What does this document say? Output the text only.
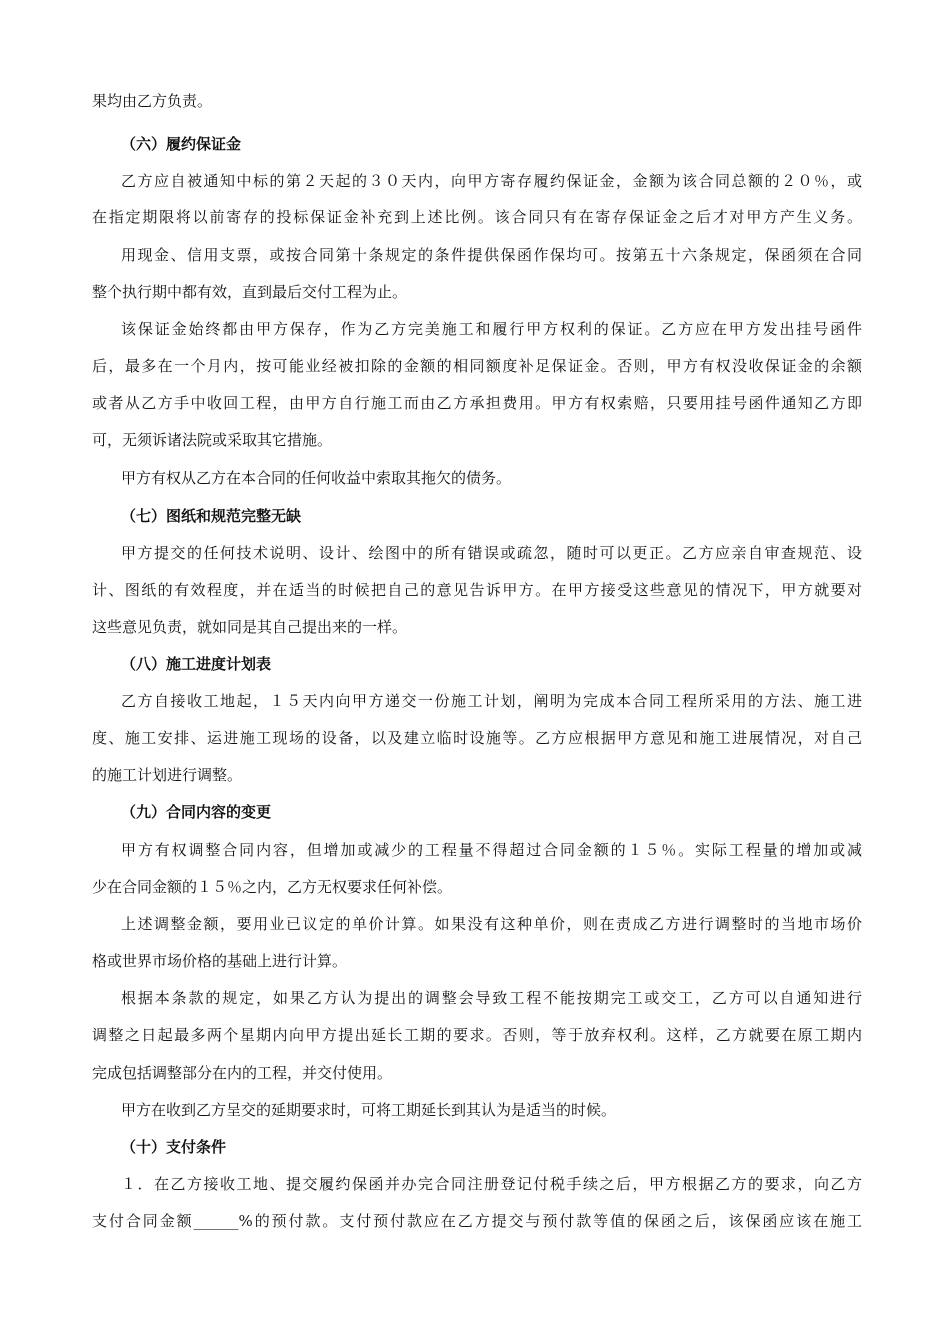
果均由乙方负责。
（六）履约保证金
乙方应自被通知中标的第２天起的３０天内，向甲方寄存履约保证金，金额为该合同总额的２０％，或
在指定期限将以前寄存的投标保证金补充到上述比例。该合同只有在寄存保证金之后才对甲方产生义务。
用现金、信用支票，或按合同第十条规定的条件提供保函作保均可。按第五十六条规定，保函须在合同
整个执行期中都有效，直到最后交付工程为止。
该保证金始终都由甲方保存，作为乙方完美施工和履行甲方权利的保证。乙方应在甲方发出挂号函件
后，最多在一个月内，按可能业经被扣除的金额的相同额度补足保证金。否则，甲方有权没收保证金的余额
或者从乙方手中收回工程，由甲方自行施工而由乙方承担费用。甲方有权索赔，只要用挂号函件通知乙方即
可，无须诉诸法院或采取其它措施。
甲方有权从乙方在本合同的任何收益中索取其拖欠的债务。
（七）图纸和规范完整无缺
甲方提交的任何技术说明、设计、绘图中的所有错误或疏忽，随时可以更正。乙方应亲自审查规范、设
计、图纸的有效程度，并在适当的时候把自己的意见告诉甲方。在甲方接受这些意见的情况下，甲方就要对
这些意见负责，就如同是其自己提出来的一样。
（八）施工进度计划表
乙方自接收工地起，１５天内向甲方递交一份施工计划，阐明为完成本合同工程所采用的方法、施工进
度、施工安排、运进施工现场的设备，以及建立临时设施等。乙方应根据甲方意见和施工进展情况，对自己
的施工计划进行调整。
（九）合同内容的变更
甲方有权调整合同内容，但增加或减少的工程量不得超过合同金额的１５％。实际工程量的增加或减
少在合同金额的１５％之内，乙方无权要求任何补偿。
上述调整金额，要用业已议定的单价计算。如果没有这种单价，则在责成乙方进行调整时的当地市场价
格或世界市场价格的基础上进行计算。
根据本条款的规定，如果乙方认为提出的调整会导致工程不能按期完工或交工，乙方可以自通知进行
调整之日起最多两个星期内向甲方提出延长工期的要求。否则，等于放弃权利。这样，乙方就要在原工期内
完成包括调整部分在内的工程，并交付使用。
甲方在收到乙方呈交的延期要求时，可将工期延长到其认为是适当的时候。
（十）支付条件
１．在乙方接收工地、提交履约保函并办完合同注册登记付税手续之后，甲方根据乙方的要求，向乙方
支付合同金额______%的预付款。支付预付款应在乙方提交与预付款等值的保函之后，该保函应该在施工
